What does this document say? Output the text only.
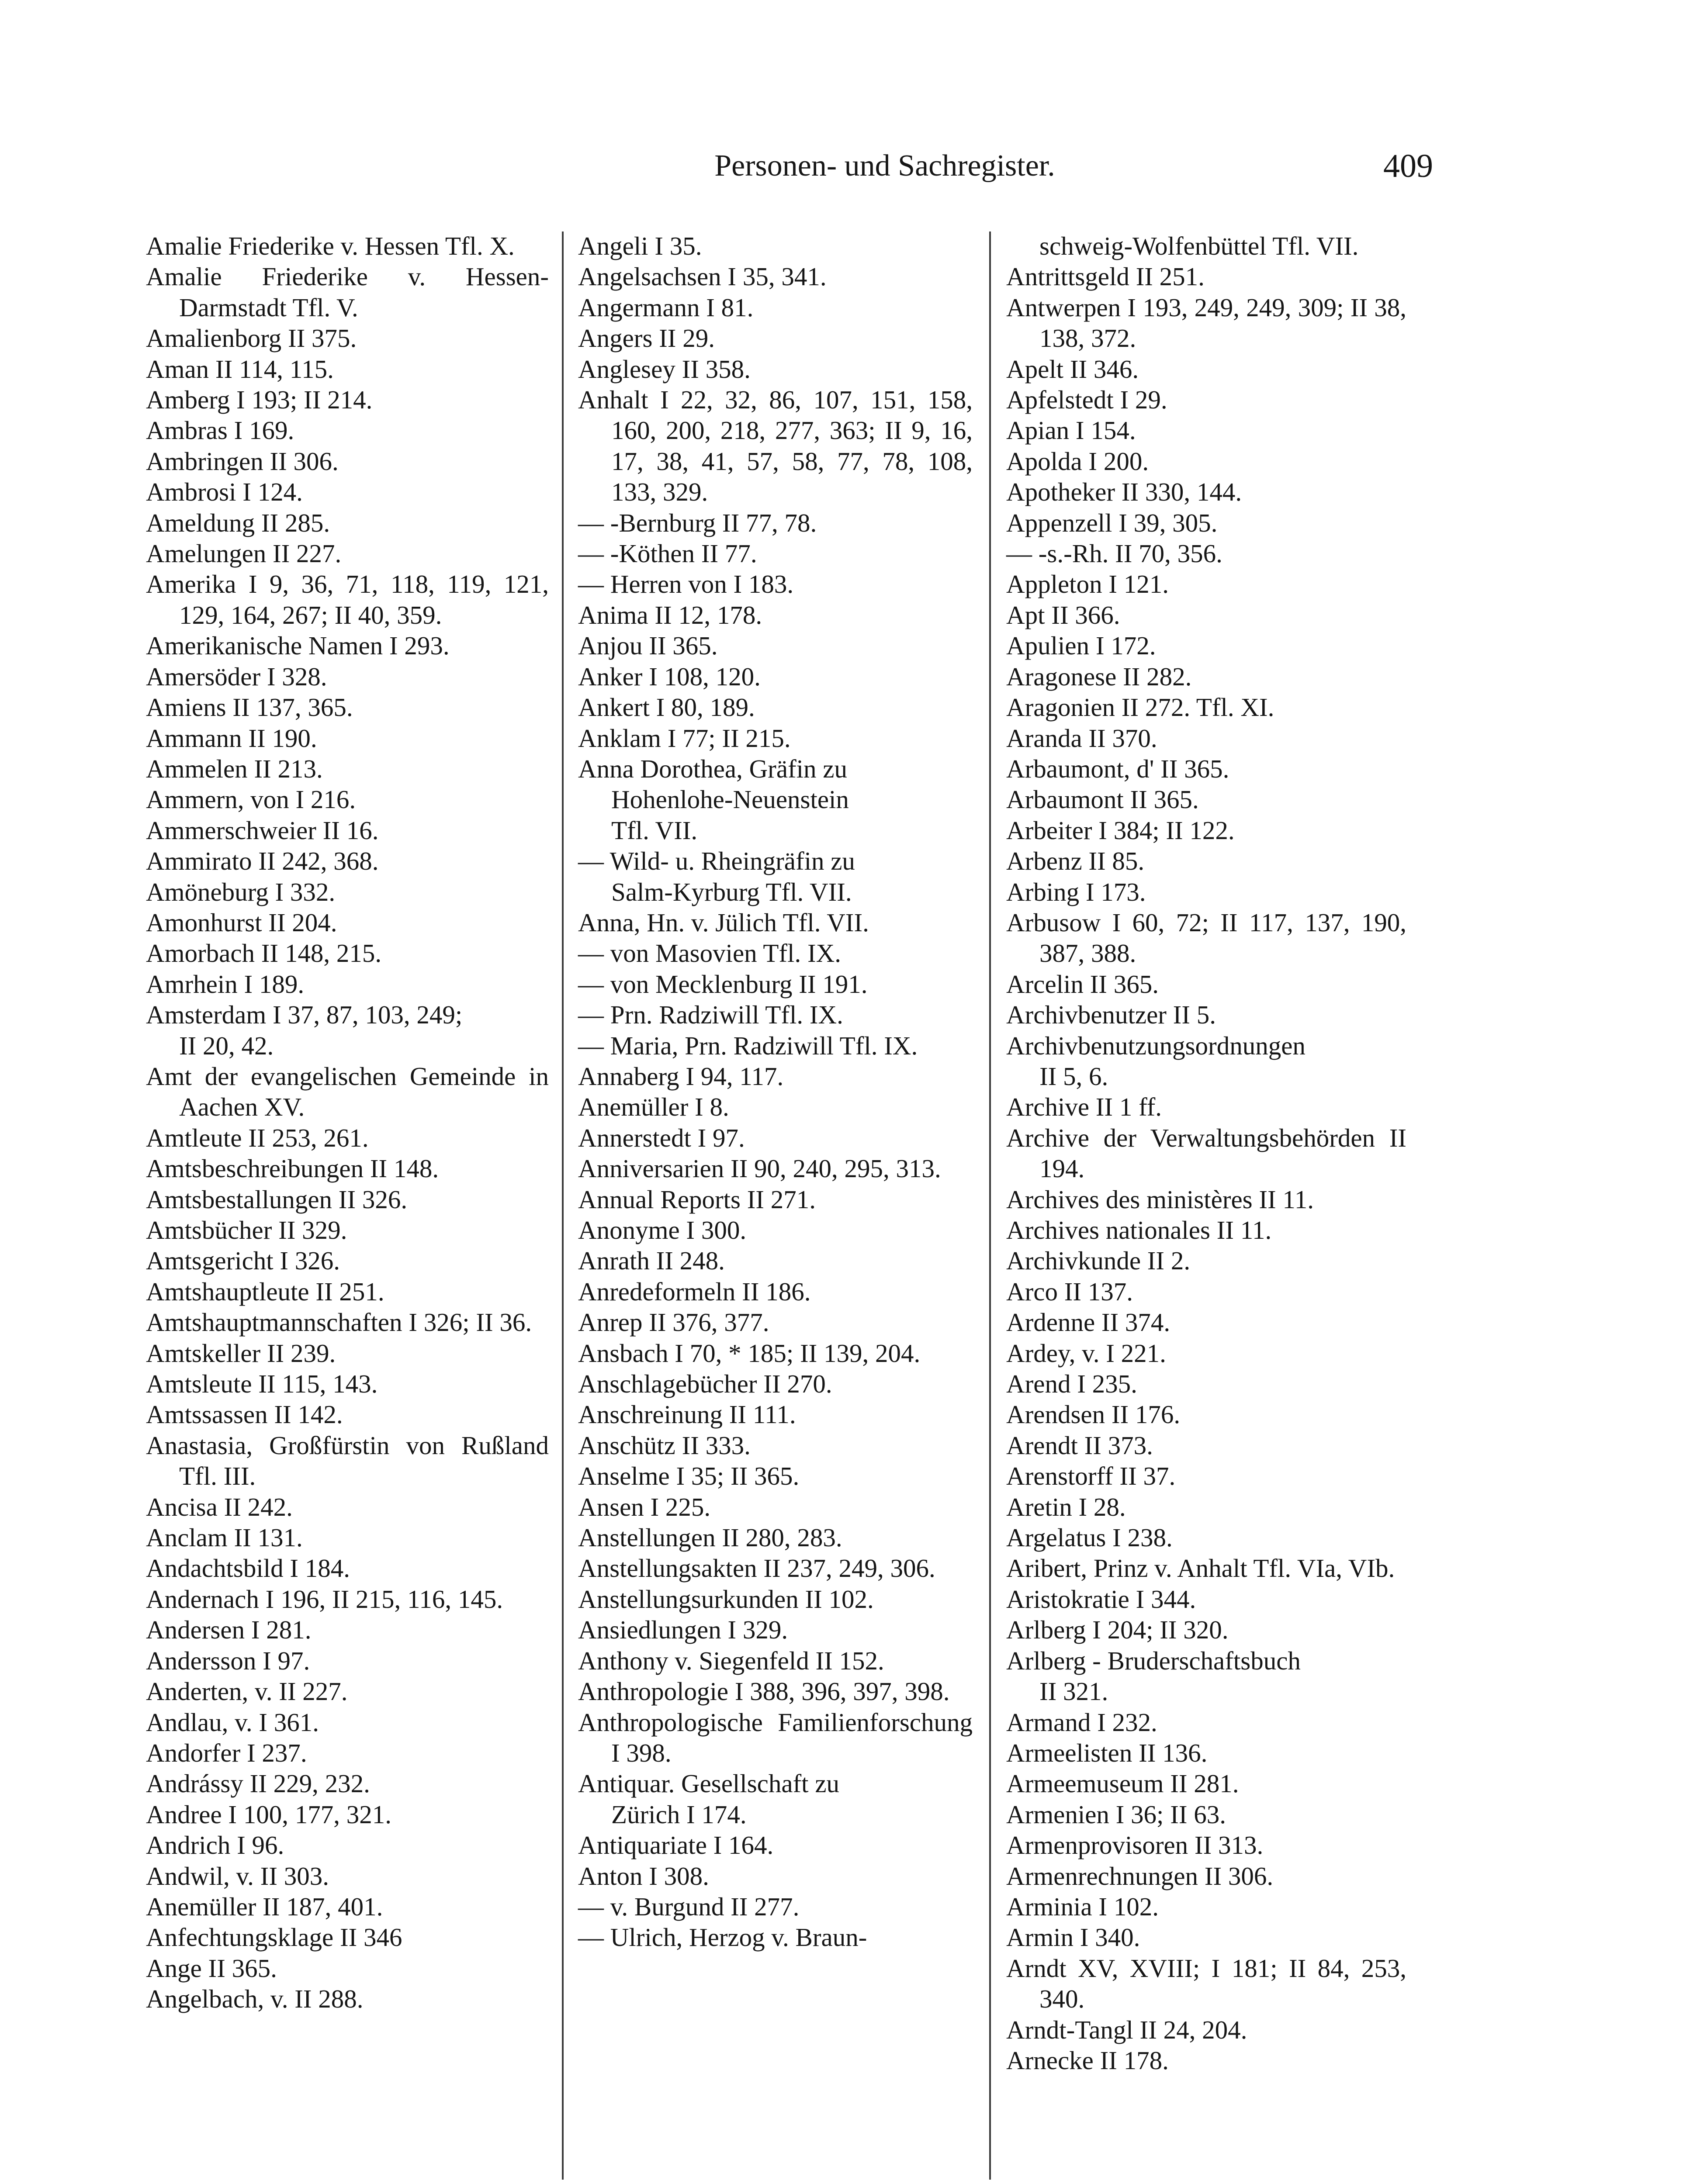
Personen- und Sachregister.	409
Amalie Friederike v. Hessen Tfl. X.
Amalie Friederike v. Hessen-Darmstadt Tfl. V.
Amalienborg II 375.
Aman II 114, 115.
Amberg I 193; II 214.
Ambras I 169.
Ambringen II 306.
Ambrosi I 124.
Ameldung II 285.
Amelungen II 227.
Amerika I 9, 36, 71, 118, 119, 121, 129, 164, 267; II 40, 359.
Amerikanische Namen I 293.
Amersöder I 328.
Amiens II 137, 365.
Ammann II 190.
Ammelen II 213.
Ammern, von I 216.
Ammerschweier II 16.
Ammirato II 242, 368.
Amöneburg I 332.
Amonhurst II 204.
Amorbach II 148, 215.
Amrhein I 189.
Amsterdam I 37, 87, 103, 249;
II 20, 42.
Amt der evangelischen Gemeinde in Aachen XV.
Amtleute II 253, 261.
Amtsbeschreibungen II 148.
Amtsbestallungen II 326.
Amtsbücher II 329.
Amtsgericht I 326.
Amtshauptleute II 251.
Amtshauptmannschaften I 326; II 36.
Amtskeller II 239.
Amtsleute II 115, 143.
Amtssassen II 142.
Anastasia, Großfürstin von Rußland Tfl. III.
Ancisa II 242.
Anclam II 131.
Andachtsbild I 184.
Andernach I 196, II 215, 116, 145.
Andersen I 281.
Andersson I 97.
Anderten, v. II 227.
Andlau, v. I 361.
Andorfer I 237.
Andrássy II 229, 232.
Andree I 100, 177, 321.
Andrich I 96.
Andwil, v. II 303.
Anemüller II 187, 401.
Anfechtungsklage II 346
Ange II 365.
Angelbach, v. II 288.
Angeli I 35.
Angelsachsen I 35, 341.
Angermann I 81.
Angers II 29.
Anglesey II 358.
Anhalt I 22, 32, 86, 107, 151, 158, 160, 200, 218, 277, 363; II 9, 16, 17, 38, 41, 57, 58, 77, 78, 108, 133, 329.
— -Bernburg II 77, 78.
— -Köthen II 77.
— Herren von I 183.
Anima II 12, 178.
Anjou II 365.
Anker I 108, 120.
Ankert I 80, 189.
Anklam I 77; II 215.
Anna Dorothea, Gräfin zu
Hohenlohe-Neuenstein
Tfl. VII.
— Wild- u. Rheingräfin zu
Salm-Kyrburg Tfl. VII.
Anna, Hn. v. Jülich Tfl. VII.
— von Masovien Tfl. IX.
— von Mecklenburg II 191.
— Prn. Radziwill Tfl. IX.
— Maria, Prn. Radziwill Tfl. IX.
Annaberg I 94, 117.
Anemüller I 8.
Annerstedt I 97.
Anniversarien II 90, 240, 295, 313.
Annual Reports II 271.
Anonyme I 300.
Anrath II 248.
Anredeformeln II 186.
Anrep II 376, 377.
Ansbach I 70, * 185; II 139, 204.
Anschlagebücher II 270.
Anschreinung II 111.
Anschütz II 333.
Anselme I 35; II 365.
Ansen I 225.
Anstellungen II 280, 283.
Anstellungsakten II 237, 249, 306.
Anstellungsurkunden II 102.
Ansiedlungen I 329.
Anthony v. Siegenfeld II 152.
Anthropologie I 388, 396, 397, 398.
Anthropologische Familienforschung I 398.
Antiquar. Gesellschaft zu
Zürich I 174.
Antiquariate I 164.
Anton I 308.
— v. Burgund II 277.
— Ulrich, Herzog v. Braun-
schweig-Wolfenbüttel Tfl. VII.
Antrittsgeld II 251.
Antwerpen I 193, 249, 249, 309; II 38, 138, 372.
Apelt II 346.
Apfelstedt I 29.
Apian I 154.
Apolda I 200.
Apotheker II 330, 144.
Appenzell I 39, 305.
— -s.-Rh. II 70, 356.
Appleton I 121.
Apt II 366.
Apulien I 172.
Aragonese II 282.
Aragonien II 272. Tfl. XI.
Aranda II 370.
Arbaumont, d' II 365.
Arbaumont II 365.
Arbeiter I 384; II 122.
Arbenz II 85.
Arbing I 173.
Arbusow I 60, 72; II 117, 137, 190, 387, 388.
Arcelin II 365.
Archivbenutzer II 5.
Archivbenutzungsordnungen
II 5, 6.
Archive II 1 ff.
Archive der Verwaltungsbehörden II 194.
Archives des ministères II 11.
Archives nationales II 11.
Archivkunde II 2.
Arco II 137.
Ardenne II 374.
Ardey, v. I 221.
Arend I 235.
Arendsen II 176.
Arendt II 373.
Arenstorff II 37.
Aretin I 28.
Argelatus I 238.
Aribert, Prinz v. Anhalt Tfl. VIa, VIb.
Aristokratie I 344.
Arlberg I 204; II 320.
Arlberg - Bruderschaftsbuch
II 321.
Armand I 232.
Armeelisten II 136.
Armeemuseum II 281.
Armenien I 36; II 63.
Armenprovisoren II 313.
Armenrechnungen II 306.
Arminia I 102.
Armin I 340.
Arndt XV, XVIII; I 181; II 84, 253, 340.
Arndt-Tangl II 24, 204.
Arnecke II 178.
